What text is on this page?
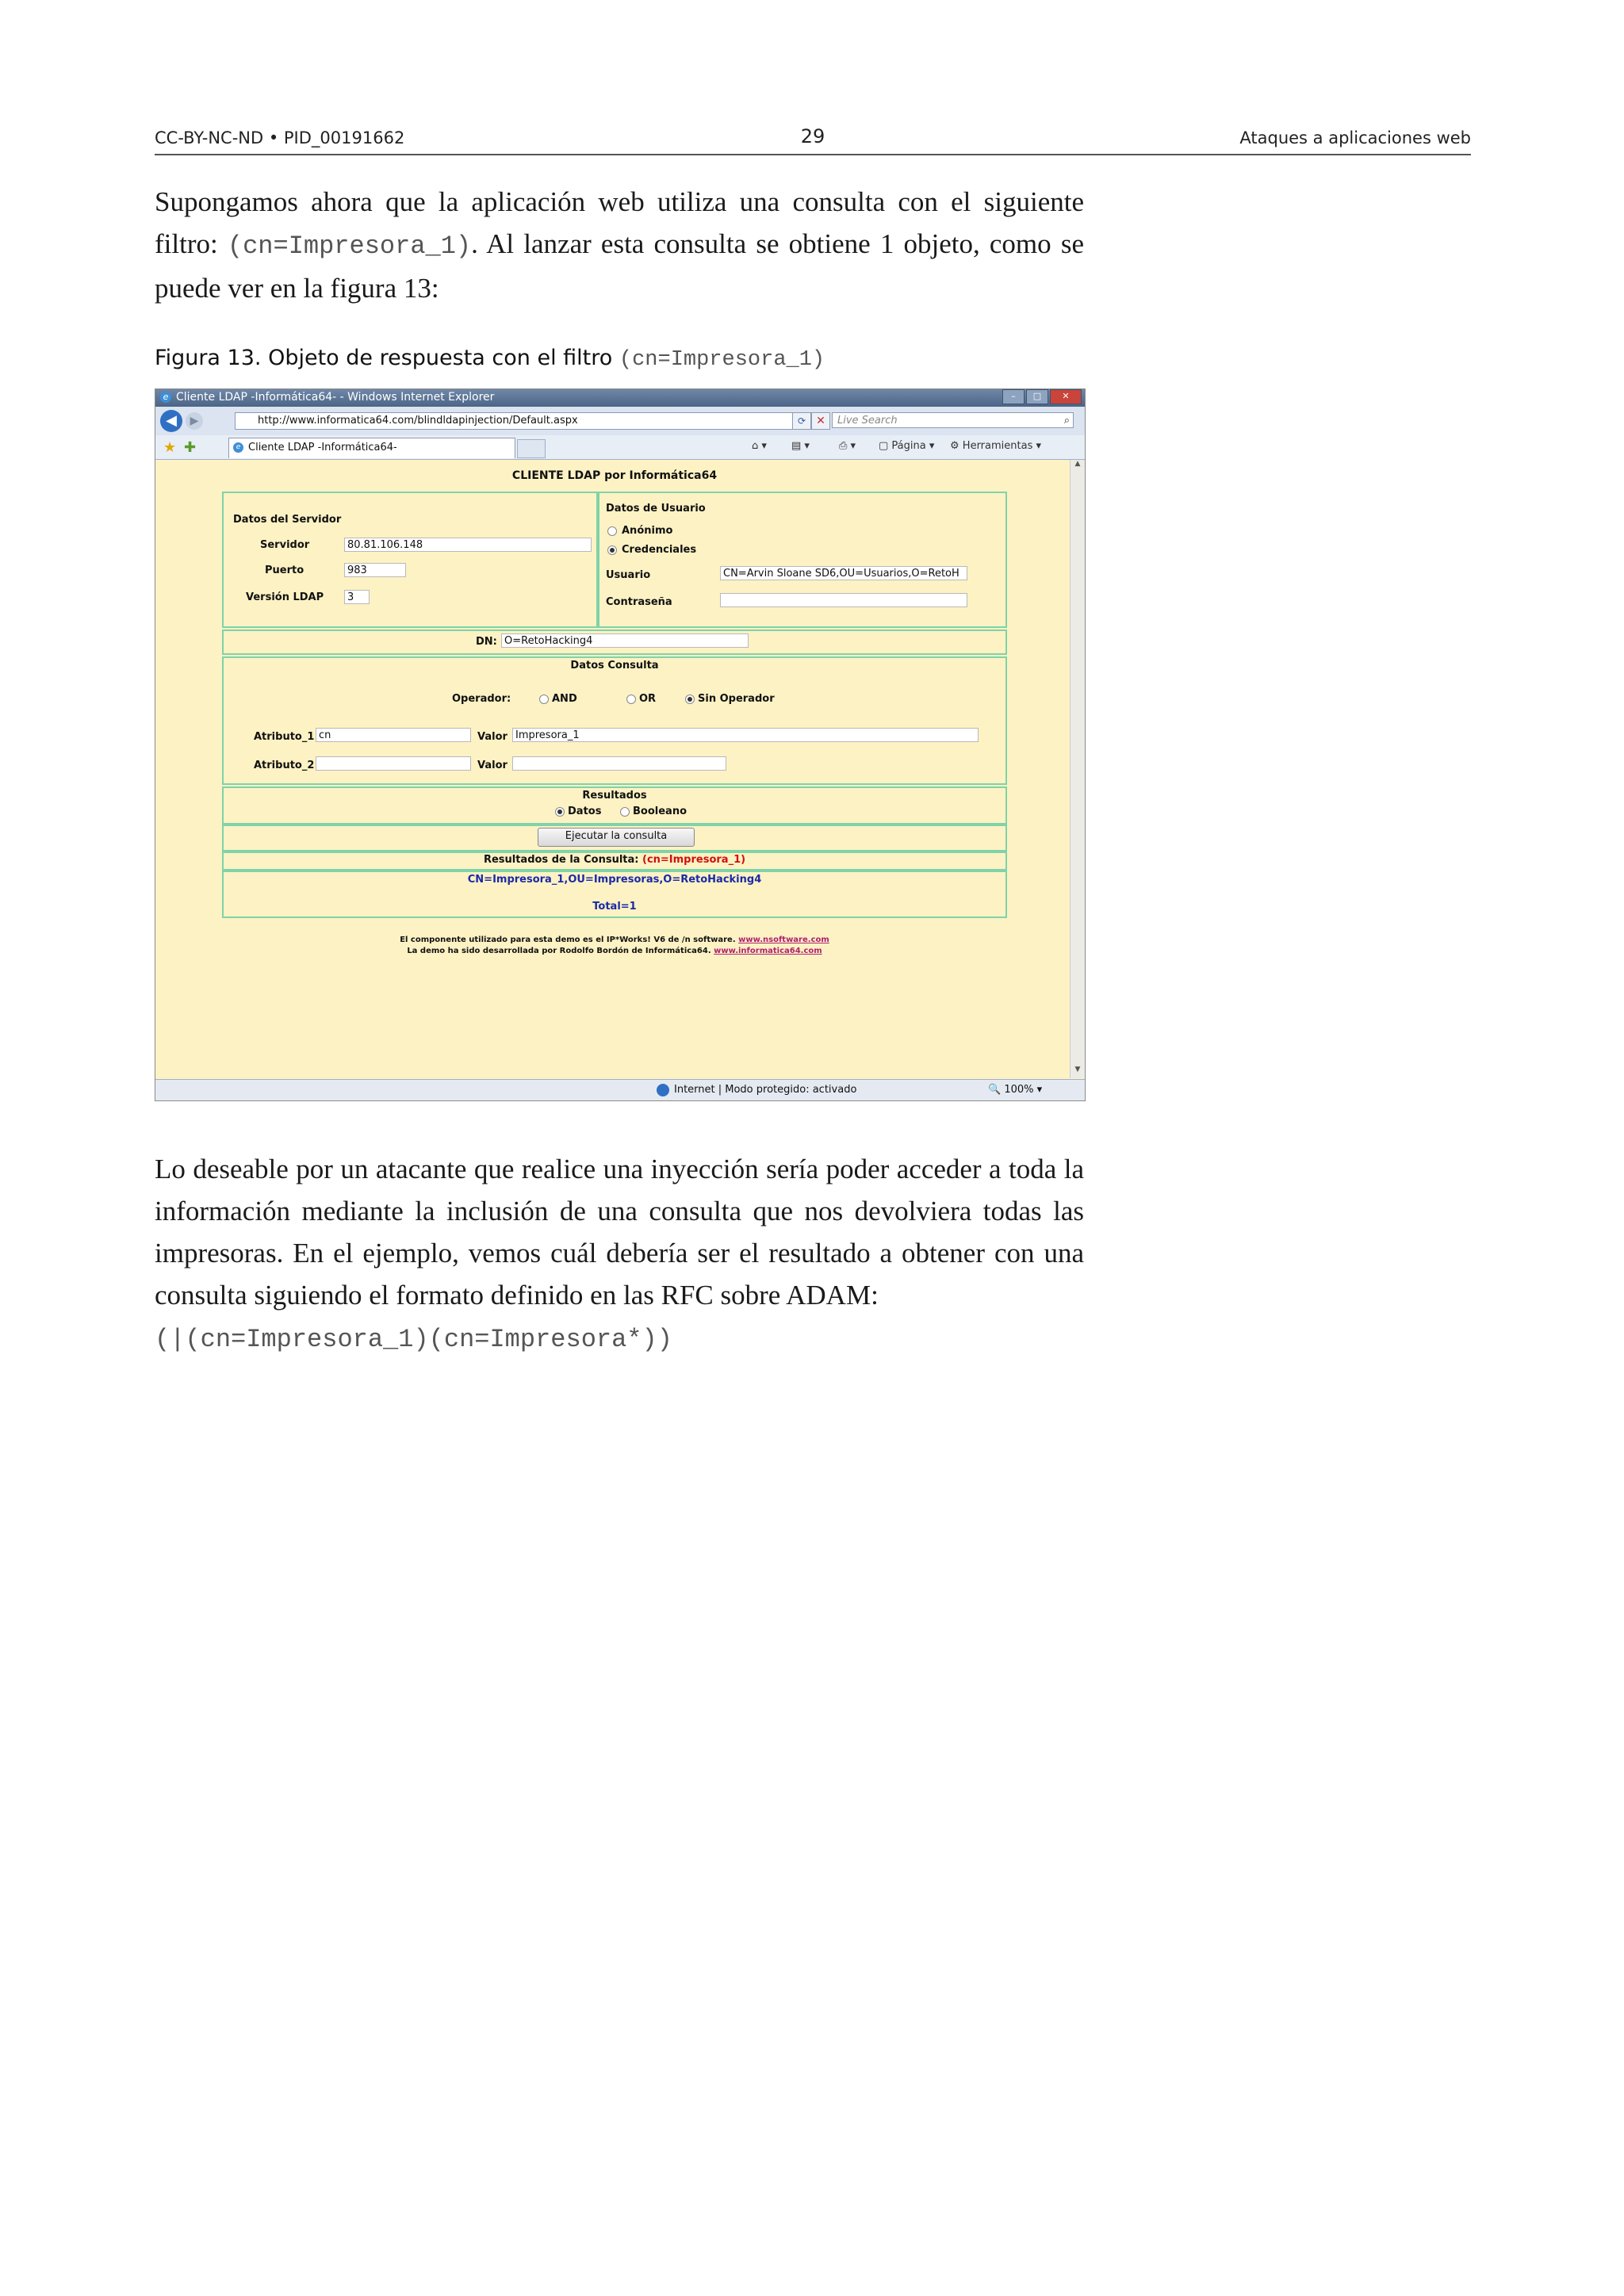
CC-BY-NC-ND • PID_00191662	29	Ataques a aplicaciones web
Supongamos ahora que la aplicación web utiliza una consulta con el siguiente filtro: (cn=Impresora_1). Al lanzar esta consulta se obtiene 1 objeto, como se puede ver en la figura 13:
Figura 13. Objeto de respuesta con el filtro (cn=Impresora_1)
e Cliente LDAP -Informática64- - Windows Internet Explorer	–	□	✕
◀	▶	http://www.informatica64.com/blindldapinjection/Default.aspx	⟳ ✕	Live Search	⌕
★ ✚	e Cliente LDAP -Informática64-	⌂ ▾ ▤ ▾	⎙ ▾ ▢ Página ▾ ⚙ Herramientas ▾
CLIENTE LDAP por Informática64
Datos del Servidor
Servidor	80.81.106.148
Puerto	983
Versión LDAP	3
Datos de Usuario
Anónimo
Credenciales
Usuario	CN=Arvin Sloane SD6,OU=Usuarios,O=RetoH
Contraseña
DN: O=RetoHacking4
Datos Consulta
Operador:	AND	OR	Sin Operador
Atributo_1 cn	Valor Impresora_1
Atributo_2	Valor
Resultados
Datos	Booleano
Ejecutar la consulta
Resultados de la Consulta: (cn=Impresora_1)
CN=Impresora_1,OU=Impresoras,O=RetoHacking4
Total=1
El componente utilizado para esta demo es el IP*Works! V6 de /n software. www.nsoftware.com
La demo ha sido desarrollada por Rodolfo Bordón de Informática64. www.informatica64.com
▲
▼
Internet | Modo protegido: activado	🔍 100% ▾
Lo deseable por un atacante que realice una inyección sería poder acceder a toda la información mediante la inclusión de una consulta que nos devolviera todas las impresoras. En el ejemplo, vemos cuál debería ser el resultado a obtener con una consulta siguiendo el formato definido en las RFC sobre ADAM:
(|(cn=Impresora_1)(cn=Impresora*))
